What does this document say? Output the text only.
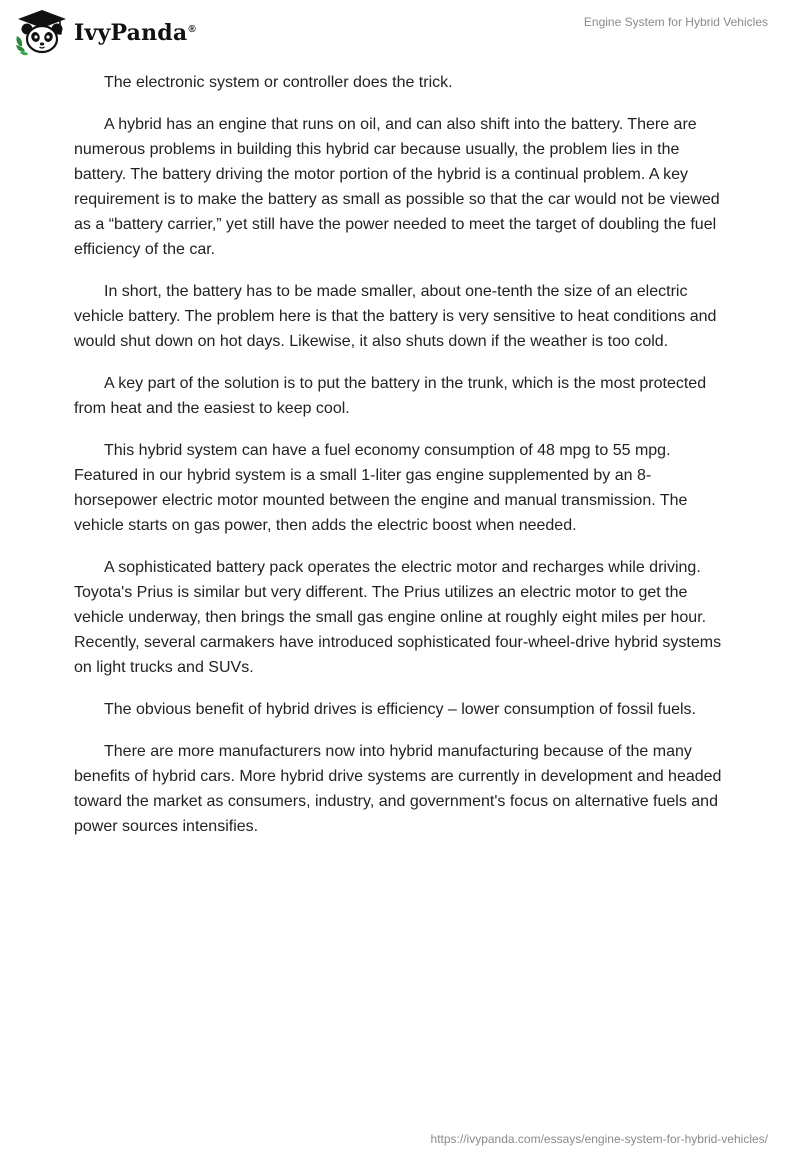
IvyPanda®
Engine System for Hybrid Vehicles

The electronic system or controller does the trick.

A hybrid has an engine that runs on oil, and can also shift into the battery. There are numerous problems in building this hybrid car because usually, the problem lies in the battery. The battery driving the motor portion of the hybrid is a continual problem. A key requirement is to make the battery as small as possible so that the car would not be viewed as a “battery carrier,” yet still have the power needed to meet the target of doubling the fuel efficiency of the car.

In short, the battery has to be made smaller, about one-tenth the size of an electric vehicle battery. The problem here is that the battery is very sensitive to heat conditions and would shut down on hot days. Likewise, it also shuts down if the weather is too cold.

A key part of the solution is to put the battery in the trunk, which is the most protected from heat and the easiest to keep cool.

This hybrid system can have a fuel economy consumption of 48 mpg to 55 mpg. Featured in our hybrid system is a small 1-liter gas engine supplemented by an 8-horsepower electric motor mounted between the engine and manual transmission. The vehicle starts on gas power, then adds the electric boost when needed.

A sophisticated battery pack operates the electric motor and recharges while driving. Toyota's Prius is similar but very different. The Prius utilizes an electric motor to get the vehicle underway, then brings the small gas engine online at roughly eight miles per hour. Recently, several carmakers have introduced sophisticated four-wheel-drive hybrid systems on light trucks and SUVs.

The obvious benefit of hybrid drives is efficiency – lower consumption of fossil fuels.

There are more manufacturers now into hybrid manufacturing because of the many benefits of hybrid cars. More hybrid drive systems are currently in development and headed toward the market as consumers, industry, and government's focus on alternative fuels and power sources intensifies.

https://ivypanda.com/essays/engine-system-for-hybrid-vehicles/
